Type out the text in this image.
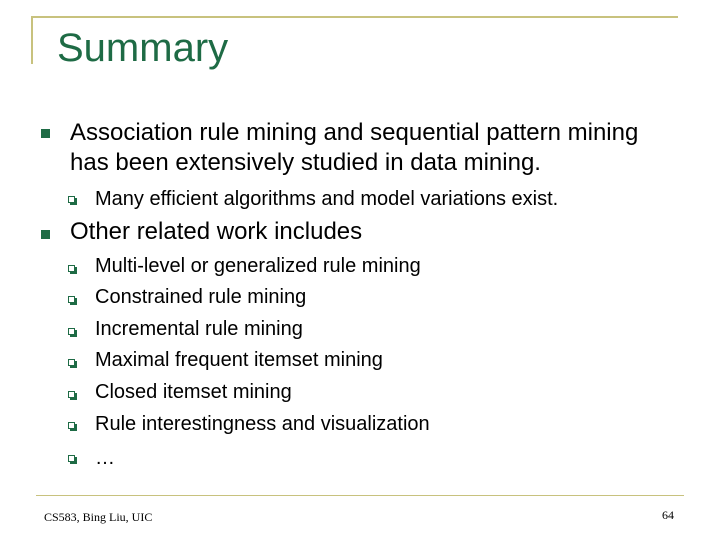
Summary
Association rule mining and sequential pattern mining
has been extensively studied in data mining.
Many efficient algorithms and model variations exist.
Other related work includes
Multi-level or generalized rule mining
Constrained rule mining
Incremental rule mining
Maximal frequent itemset mining
Closed itemset mining
Rule interestingness and visualization
…
CS583, Bing Liu, UIC	64
